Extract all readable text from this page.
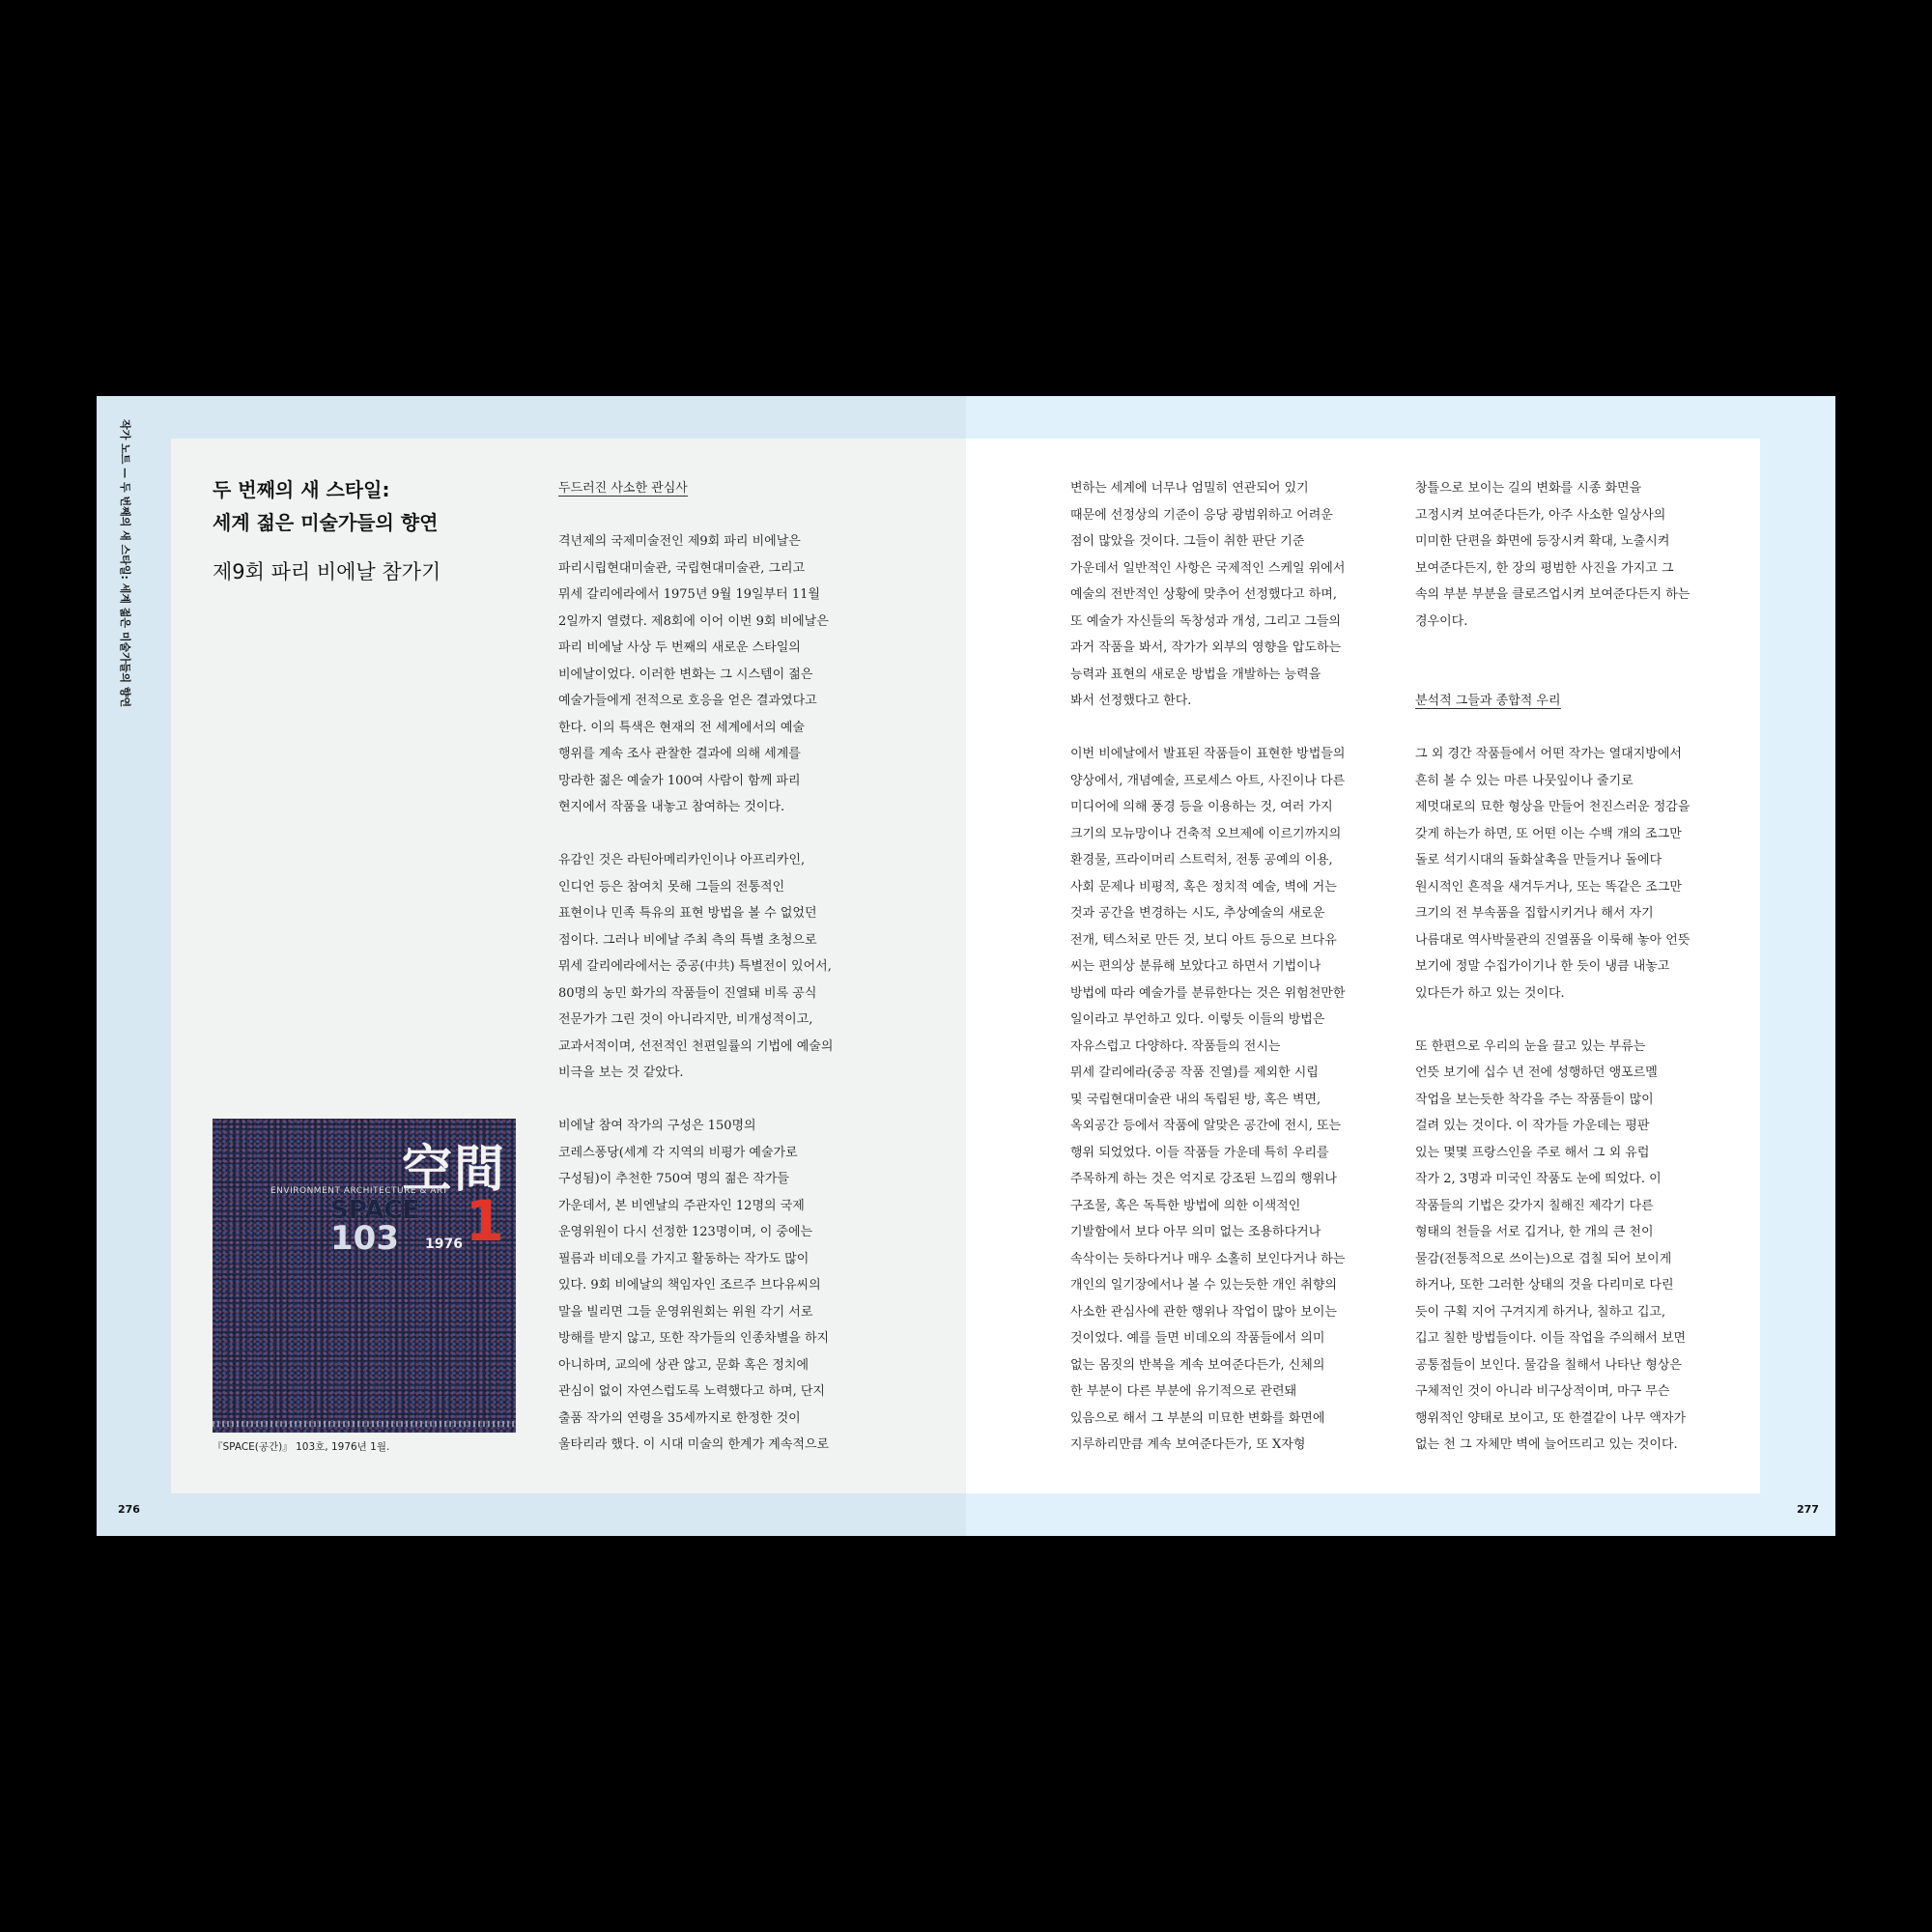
작가 노트 — 두 번째의 새 스타일: 세계 젊은 미술가들의 향연
276	277
두 번째의 새 스타일:
세계 젊은 미술가들의 향연
제9회 파리 비에날 참가기
空間
ENVIRONMENT ARCHITECTURE & ART
SPACE
103 1976 1
『SPACE(공간)』 103호, 1976년 1월.
두드러진 사소한 관심사

격년제의 국제미술전인 제9회 파리 비에날은

파리시립현대미술관, 국립현대미술관, 그리고

뮈세 갈리에라에서 1975년 9월 19일부터 11월

2일까지 열렸다. 제8회에 이어 이번 9회 비에날은

파리 비에날 사상 두 번째의 새로운 스타일의

비에날이었다. 이러한 변화는 그 시스템이 젊은

예술가들에게 전적으로 호응을 얻은 결과였다고

한다. 이의 특색은 현재의 전 세계에서의 예술

행위를 계속 조사 관찰한 결과에 의해 세계를

망라한 젊은 예술가 100여 사람이 함께 파리

현지에서 작품을 내놓고 참여하는 것이다.

유감인 것은 라틴아메리카인이나 아프리카인,

인디언 등은 참여치 못해 그들의 전통적인

표현이나 민족 특유의 표현 방법을 볼 수 없었던

점이다. 그러나 비에날 주최 측의 특별 초청으로

뮈세 갈리에라에서는 중공(中共) 특별전이 있어서,

80명의 농민 화가의 작품들이 진열돼 비록 공식

전문가가 그린 것이 아니라지만, 비개성적이고,

교과서적이며, 선전적인 천편일률의 기법에 예술의

비극을 보는 것 같았다.

비에날 참여 작가의 구성은 150명의

코레스퐁당(세계 각 지역의 비평가 예술가로

구성됨)이 추천한 750여 명의 젊은 작가들

가운데서, 본 비엔날의 주관자인 12명의 국제

운영위원이 다시 선정한 123명이며, 이 중에는

필름과 비데오를 가지고 활동하는 작가도 많이

있다. 9회 비에날의 책임자인 조르주 브다유씨의

말을 빌리면 그들 운영위원회는 위원 각기 서로

방해를 받지 않고, 또한 작가들의 인종차별을 하지

아니하며, 교의에 상관 않고, 문화 혹은 정치에

관심이 없이 자연스럽도록 노력했다고 하며, 단지

출품 작가의 연령을 35세까지로 한정한 것이

울타리라 했다. 이 시대 미술의 한계가 계속적으로

변하는 세계에 너무나 엄밀히 연관되어 있기

때문에 선정상의 기준이 응당 광범위하고 어려운

점이 많았을 것이다. 그들이 취한 판단 기준

가운데서 일반적인 사항은 국제적인 스케일 위에서

예술의 전반적인 상황에 맞추어 선정했다고 하며,

또 예술가 자신들의 독창성과 개성, 그리고 그들의

과거 작품을 봐서, 작가가 외부의 영향을 압도하는

능력과 표현의 새로운 방법을 개발하는 능력을

봐서 선정했다고 한다.

이번 비에날에서 발표된 작품들이 표현한 방법들의

양상에서, 개념예술, 프로세스 아트, 사진이나 다른

미디어에 의해 풍경 등을 이용하는 것, 여러 가지

크기의 모뉴망이나 건축적 오브제에 이르기까지의

환경물, 프라이머리 스트럭처, 전통 공예의 이용,

사회 문제나 비평적, 혹은 정치적 예술, 벽에 거는

것과 공간을 변경하는 시도, 추상예술의 새로운

전개, 텍스처로 만든 것, 보디 아트 등으로 브다유

씨는 편의상 분류해 보았다고 하면서 기법이나

방법에 따라 예술가를 분류한다는 것은 위험천만한

일이라고 부언하고 있다. 이렇듯 이들의 방법은

자유스럽고 다양하다. 작품들의 전시는

뮈세 갈리에라(중공 작품 진열)를 제외한 시립

및 국립현대미술관 내의 독립된 방, 혹은 벽면,

옥외공간 등에서 작품에 알맞은 공간에 전시, 또는

행위 되었었다. 이들 작품들 가운데 특히 우리를

주목하게 하는 것은 억지로 강조된 느낌의 행위나

구조물, 혹은 독특한 방법에 의한 이색적인

기발함에서 보다 아무 의미 없는 조용하다거나

속삭이는 듯하다거나 매우 소홀히 보인다거나 하는

개인의 일기장에서나 볼 수 있는듯한 개인 취향의

사소한 관심사에 관한 행위나 작업이 많아 보이는

것이었다. 예를 들면 비데오의 작품들에서 의미

없는 몸짓의 반복을 계속 보여준다든가, 신체의

한 부분이 다른 부분에 유기적으로 관련돼

있음으로 해서 그 부분의 미묘한 변화를 화면에

지루하리만큼 계속 보여준다든가, 또 X자형

창틀으로 보이는 길의 변화를 시종 화면을

고정시켜 보여준다든가, 아주 사소한 일상사의

미미한 단편을 화면에 등장시켜 확대, 노출시켜

보여준다든지, 한 장의 평범한 사진을 가지고 그

속의 부분 부분을 클로즈업시켜 보여준다든지 하는

경우이다.

분석적 그들과 종합적 우리

그 외 경간 작품들에서 어떤 작가는 열대지방에서

흔히 볼 수 있는 마른 나뭇잎이나 줄기로

제멋대로의 묘한 형상을 만들어 천진스러운 정감을

갖게 하는가 하면, 또 어떤 이는 수백 개의 조그만

돌로 석기시대의 돌화살촉을 만들거나 돌에다

원시적인 흔적을 새겨두거나, 또는 똑같은 조그만

크기의 전 부속품을 집합시키거나 해서 자기

나름대로 역사박물관의 진열품을 이룩해 놓아 언뜻

보기에 정말 수집가이기나 한 듯이 냉큼 내놓고

있다든가 하고 있는 것이다.

또 한편으로 우리의 눈을 끌고 있는 부류는

언뜻 보기에 십수 년 전에 성행하던 앵포르멜

작업을 보는듯한 착각을 주는 작품들이 많이

걸려 있는 것이다. 이 작가들 가운데는 평판

있는 몇몇 프랑스인을 주로 해서 그 외 유럽

작가 2, 3명과 미국인 작품도 눈에 띄었다. 이

작품들의 기법은 갖가지 칠해진 제각기 다른

형태의 천들을 서로 깁거나, 한 개의 큰 천이

물감(전통적으로 쓰이는)으로 겹칠 되어 보이게

하거나, 또한 그러한 상태의 것을 다리미로 다린

듯이 구획 지어 구겨지게 하거나, 칠하고 깁고,

깁고 칠한 방법들이다. 이들 작업을 주의해서 보면

공통점들이 보인다. 물감을 칠해서 나타난 형상은

구체적인 것이 아니라 비구상적이며, 마구 무슨

행위적인 양태로 보이고, 또 한결같이 나무 액자가

없는 천 그 자체만 벽에 늘어뜨리고 있는 것이다.
